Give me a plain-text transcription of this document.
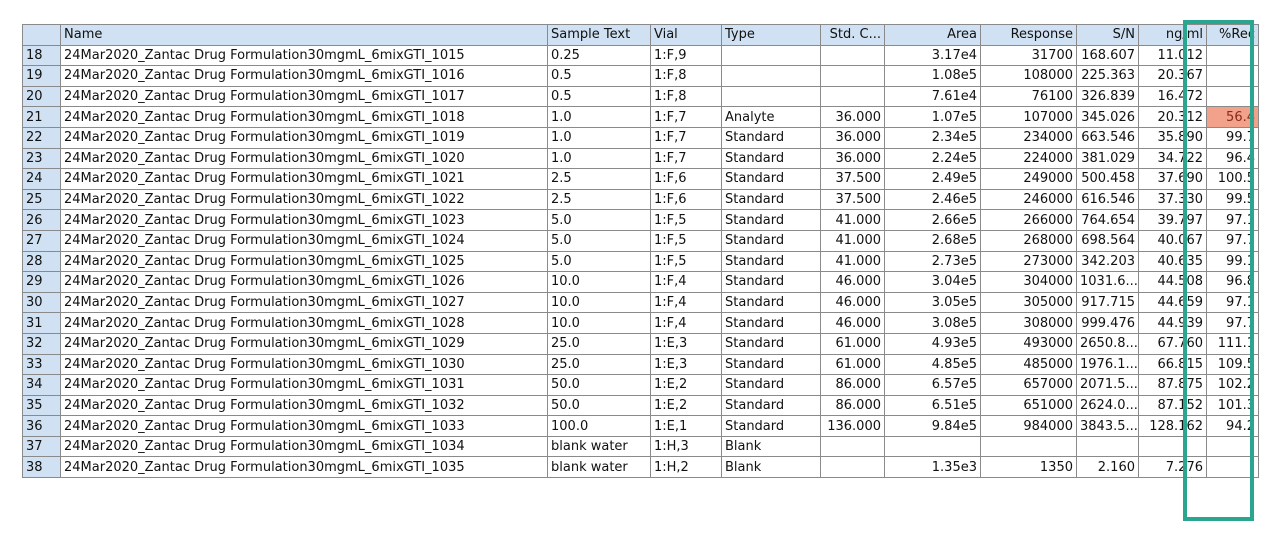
	Name	Sample Text	Vial	Type	Std. C...	Area	Response	S/N	ng/ml	%Rec
18	24Mar2020_Zantac Drug Formulation30mgmL_6mixGTI_1015	0.25	1:F,9			3.17e4	31700	168.607	11.012	
19	24Mar2020_Zantac Drug Formulation30mgmL_6mixGTI_1016	0.5	1:F,8			1.08e5	108000	225.363	20.367	
20	24Mar2020_Zantac Drug Formulation30mgmL_6mixGTI_1017	0.5	1:F,8			7.61e4	76100	326.839	16.472	
21	24Mar2020_Zantac Drug Formulation30mgmL_6mixGTI_1018	1.0	1:F,7	Analyte	36.000	1.07e5	107000	345.026	20.312	56.4
22	24Mar2020_Zantac Drug Formulation30mgmL_6mixGTI_1019	1.0	1:F,7	Standard	36.000	2.34e5	234000	663.546	35.890	99.7
23	24Mar2020_Zantac Drug Formulation30mgmL_6mixGTI_1020	1.0	1:F,7	Standard	36.000	2.24e5	224000	381.029	34.722	96.4
24	24Mar2020_Zantac Drug Formulation30mgmL_6mixGTI_1021	2.5	1:F,6	Standard	37.500	2.49e5	249000	500.458	37.690	100.5
25	24Mar2020_Zantac Drug Formulation30mgmL_6mixGTI_1022	2.5	1:F,6	Standard	37.500	2.46e5	246000	616.546	37.330	99.5
26	24Mar2020_Zantac Drug Formulation30mgmL_6mixGTI_1023	5.0	1:F,5	Standard	41.000	2.66e5	266000	764.654	39.797	97.1
27	24Mar2020_Zantac Drug Formulation30mgmL_6mixGTI_1024	5.0	1:F,5	Standard	41.000	2.68e5	268000	698.564	40.067	97.7
28	24Mar2020_Zantac Drug Formulation30mgmL_6mixGTI_1025	5.0	1:F,5	Standard	41.000	2.73e5	273000	342.203	40.635	99.1
29	24Mar2020_Zantac Drug Formulation30mgmL_6mixGTI_1026	10.0	1:F,4	Standard	46.000	3.04e5	304000	1031.6...	44.508	96.8
30	24Mar2020_Zantac Drug Formulation30mgmL_6mixGTI_1027	10.0	1:F,4	Standard	46.000	3.05e5	305000	917.715	44.659	97.1
31	24Mar2020_Zantac Drug Formulation30mgmL_6mixGTI_1028	10.0	1:F,4	Standard	46.000	3.08e5	308000	999.476	44.939	97.7
32	24Mar2020_Zantac Drug Formulation30mgmL_6mixGTI_1029	25.0	1:E,3	Standard	61.000	4.93e5	493000	2650.8...	67.760	111.1
33	24Mar2020_Zantac Drug Formulation30mgmL_6mixGTI_1030	25.0	1:E,3	Standard	61.000	4.85e5	485000	1976.1...	66.815	109.5
34	24Mar2020_Zantac Drug Formulation30mgmL_6mixGTI_1031	50.0	1:E,2	Standard	86.000	6.57e5	657000	2071.5...	87.875	102.2
35	24Mar2020_Zantac Drug Formulation30mgmL_6mixGTI_1032	50.0	1:E,2	Standard	86.000	6.51e5	651000	2624.0...	87.152	101.3
36	24Mar2020_Zantac Drug Formulation30mgmL_6mixGTI_1033	100.0	1:E,1	Standard	136.000	9.84e5	984000	3843.5...	128.162	94.2
37	24Mar2020_Zantac Drug Formulation30mgmL_6mixGTI_1034	blank water	1:H,3	Blank						
38	24Mar2020_Zantac Drug Formulation30mgmL_6mixGTI_1035	blank water	1:H,2	Blank		1.35e3	1350	2.160	7.276	
